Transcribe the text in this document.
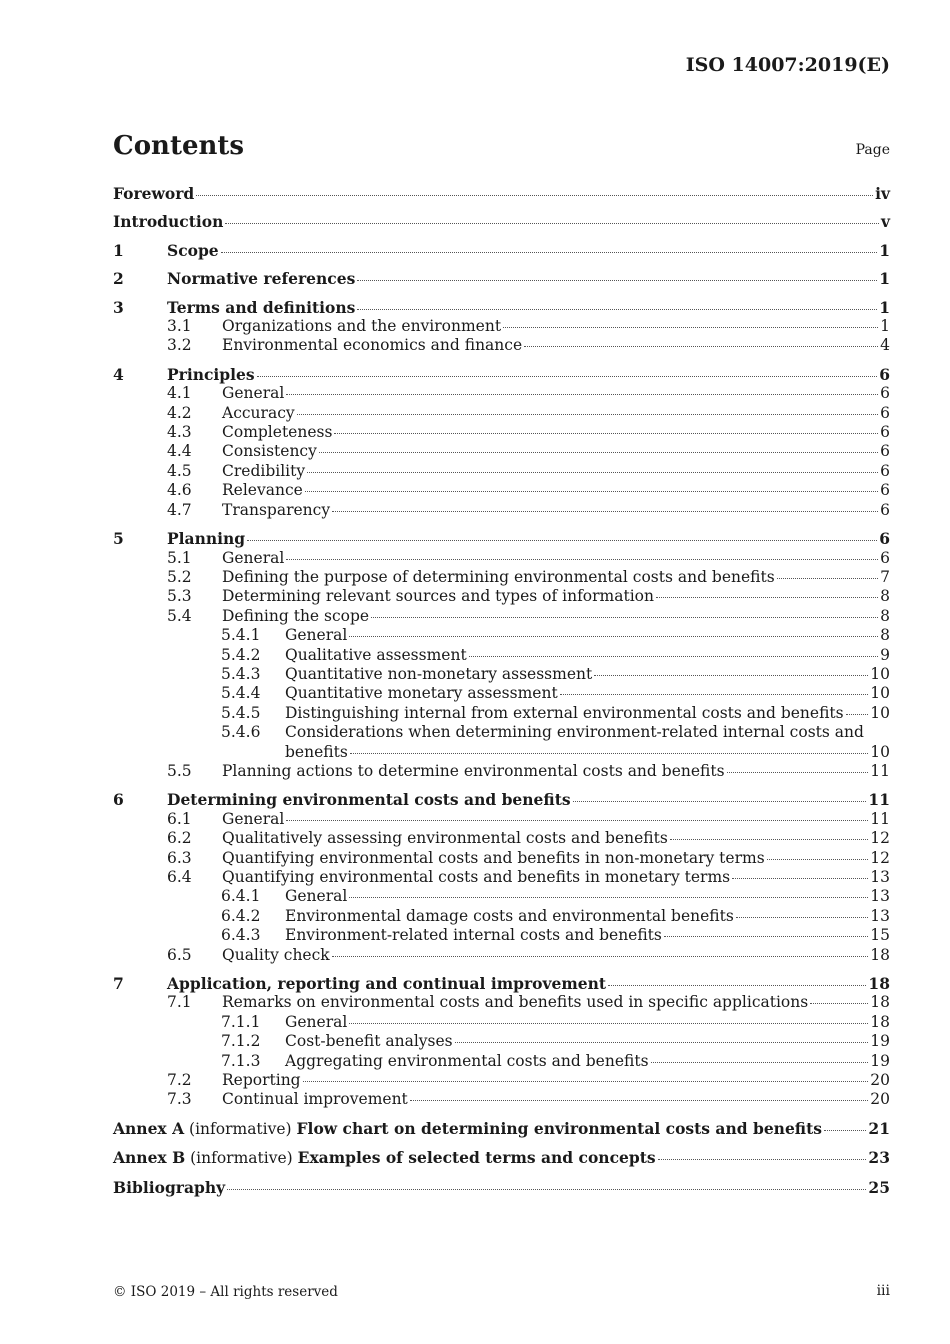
ISO 14007:2019(E)
Contents	Page
Foreword	iv
Introduction	v
1	Scope	1
2	Normative references	1
3	Terms and definitions	1
3.1	Organizations and the environment	1
3.2	Environmental economics and finance	4
4	Principles	6
4.1	General	6
4.2	Accuracy	6
4.3	Completeness	6
4.4	Consistency	6
4.5	Credibility	6
4.6	Relevance	6
4.7	Transparency	6
5	Planning	6
5.1	General	6
5.2	Defining the purpose of determining environmental costs and benefits	7
5.3	Determining relevant sources and types of information	8
5.4	Defining the scope	8
5.4.1	General	8
5.4.2	Qualitative assessment	9
5.4.3	Quantitative non-monetary assessment	10
5.4.4	Quantitative monetary assessment	10
5.4.5	Distinguishing internal from external environmental costs and benefits 10
5.4.6	Considerations when determining environment-related internal costs and
benefits	10
5.5	Planning actions to determine environmental costs and benefits	11
6	Determining environmental costs and benefits	11
6.1	General	11
6.2	Qualitatively assessing environmental costs and benefits	12
6.3	Quantifying environmental costs and benefits in non-monetary terms	12
6.4	Quantifying environmental costs and benefits in monetary terms	13
6.4.1	General	13
6.4.2	Environmental damage costs and environmental benefits	13
6.4.3	Environment-related internal costs and benefits	15
6.5	Quality check	18
7	Application, reporting and continual improvement	18
7.1	Remarks on environmental costs and benefits used in specific applications	18
7.1.1	General	18
7.1.2	Cost-benefit analyses	19
7.1.3	Aggregating environmental costs and benefits	19
7.2	Reporting	20
7.3	Continual improvement	20
Annex A (informative) Flow chart on determining environmental costs and benefits	21
Annex B (informative) Examples of selected terms and concepts	23
Bibliography	25
© ISO 2019 – All rights reserved	iii
